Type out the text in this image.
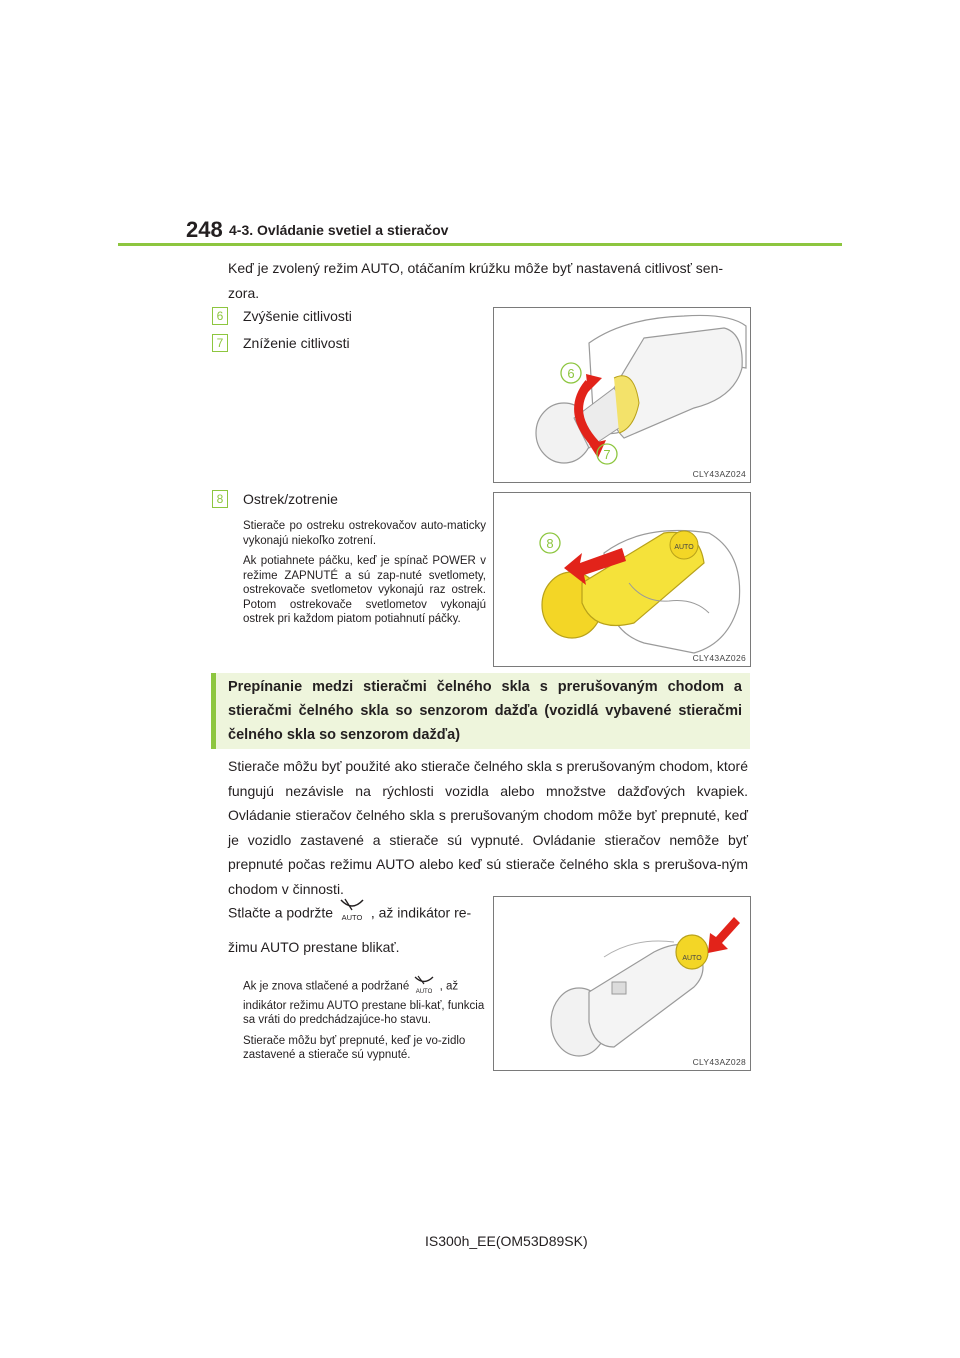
248 4-3. Ovládanie svetiel a stieračov
Keď je zvolený režim AUTO, otáčaním krúžku môže byť nastavená citlivosť sen-zora.
6	Zvýšenie citlivosti
7	Zníženie citlivosti
6
7
CLY43AZ024
8	Ostrek/zotrenie

Stierače po ostreku ostrekovačov auto-maticky vykonajú niekoľko zotrení.

Ak potiahnete páčku, keď je spínač POWER v režime ZAPNUTÉ a sú zap-nuté svetlomety, ostrekovače svetlometov vykonajú raz ostrek. Potom ostrekovače svetlometov vykonajú ostrek pri každom piatom potiahnutí páčky.

AUTO
8
CLY43AZ026
Prepínanie medzi stieračmi čelného skla s prerušovaným chodom a stieračmi čelného skla so senzorom dažďa (vozidlá vybavené stieračmi čelného skla so senzorom dažďa)
Stierače môžu byť použité ako stierače čelného skla s prerušovaným chodom, ktoré fungujú nezávisle na rýchlosti vozidla alebo množstve dažďových kvapiek. Ovládanie stieračov čelného skla s prerušovaným chodom môže byť prepnuté, keď je vozidlo zastavené a stierače sú vypnuté. Ovládanie stieračov nemôže byť prepnuté počas režimu AUTO alebo keď sú stierače čelného skla s prerušova-ným chodom v činnosti.
Stlačte a podržte AUTO , až indikátor re-žimu AUTO prestane blikať.

Ak je znova stlačené a podržané AUTO , až indikátor režimu AUTO prestane bli-kať, funkcia sa vráti do predchádzajúce-ho stavu.

Stierače môžu byť prepnuté, keď je vo-zidlo zastavené a stierače sú vypnuté.

AUTO
CLY43AZ028
IS300h_EE(OM53D89SK)
